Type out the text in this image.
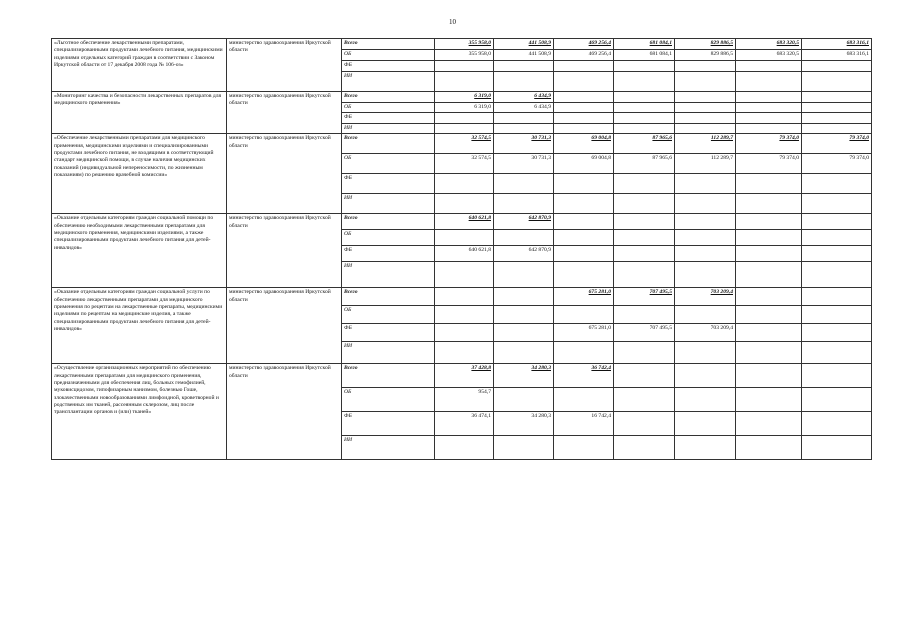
10
«Льготное обеспечение лекарственными препаратами, специализированными продуктами лечебного питания, медицинскими изделиями отдельных категорий граждан в соответствии с Законом Иркутской области от 17 декабря 2008 года № 106-оз»	министерство здравоохранения Иркутской области	Всего	355 958,0	441 508,9	469 256,4	681 084,1	829 886,5	683 320,5	683 316,1
		ОБ	355 958,0	441 508,9	469 256,4	681 084,1	829 886,5	683 320,5	683 316,1
		ФБ							
		ИИ							
«Мониторинг качества и безопасности лекарственных препаратов для медицинского применения»	министерство здравоохранения Иркутской области	Всего	6 319,0	6 434,9					
		ОБ	6 319,0	6 434,9					
		ФБ							
		ИИ							
«Обеспечение лекарственными препаратами для медицинского применения, медицинскими изделиями и специализированными продуктами лечебного питания, не входящими в соответствующий стандарт медицинской помощи, в случае наличия медицинских показаний (индивидуальной непереносимости, по жизненным показаниям) по решению врачебной комиссии»	министерство здравоохранения Иркутской области	Всего	32 574,5	30 731,3	69 004,8	87 965,6	112 289,7	79 374,0	79 374,0
		ОБ	32 574,5	30 731,3	69 004,8	87 965,6	112 289,7	79 374,0	79 374,0
		ФБ							
		ИИ							
«Оказание отдельным категориям граждан социальной помощи по обеспечению необходимыми лекарственными препаратами для медицинского применения, медицинскими изделиями, а также специализированными продуктами лечебного питания для детей-инвалидов»	министерство здравоохранения Иркутской области	Всего	640 621,8	642 870,9					
		ОБ							
		ФБ	640 621,8	642 870,9					
		ИИ							
«Оказание отдельным категориям граждан социальной услуги по обеспечению лекарственными препаратами для медицинского применения по рецептам на лекарственные препараты, медицинскими изделиями по рецептам на медицинские изделия, а также специализированными продуктами лечебного питания для детей-инвалидов»	министерство здравоохранения Иркутской области	Всего			675 281,0	707 495,5	703 209,4		
		ОБ							
		ФБ			675 281,0	707 495,5	703 209,4		
		ИИ							
«Осуществление организационных мероприятий по обеспечению лекарственными препаратами для медицинского применения, предназначенными для обеспечения лиц, больных гемофилией, муковисцидозом, гипофизарным нанизмом, болезнью Гоше, злокачественными новообразованиями лимфоидной, кроветворной и родственных им тканей, рассеянным склерозом, лиц после трансплантации органов и (или) тканей»	министерство здравоохранения Иркутской области	Всего	37 428,8	34 280,3	36 742,4				
		ОБ	954,7						
		ФБ	36 474,1	34 280,3	16 742,4				
		ИИ							
